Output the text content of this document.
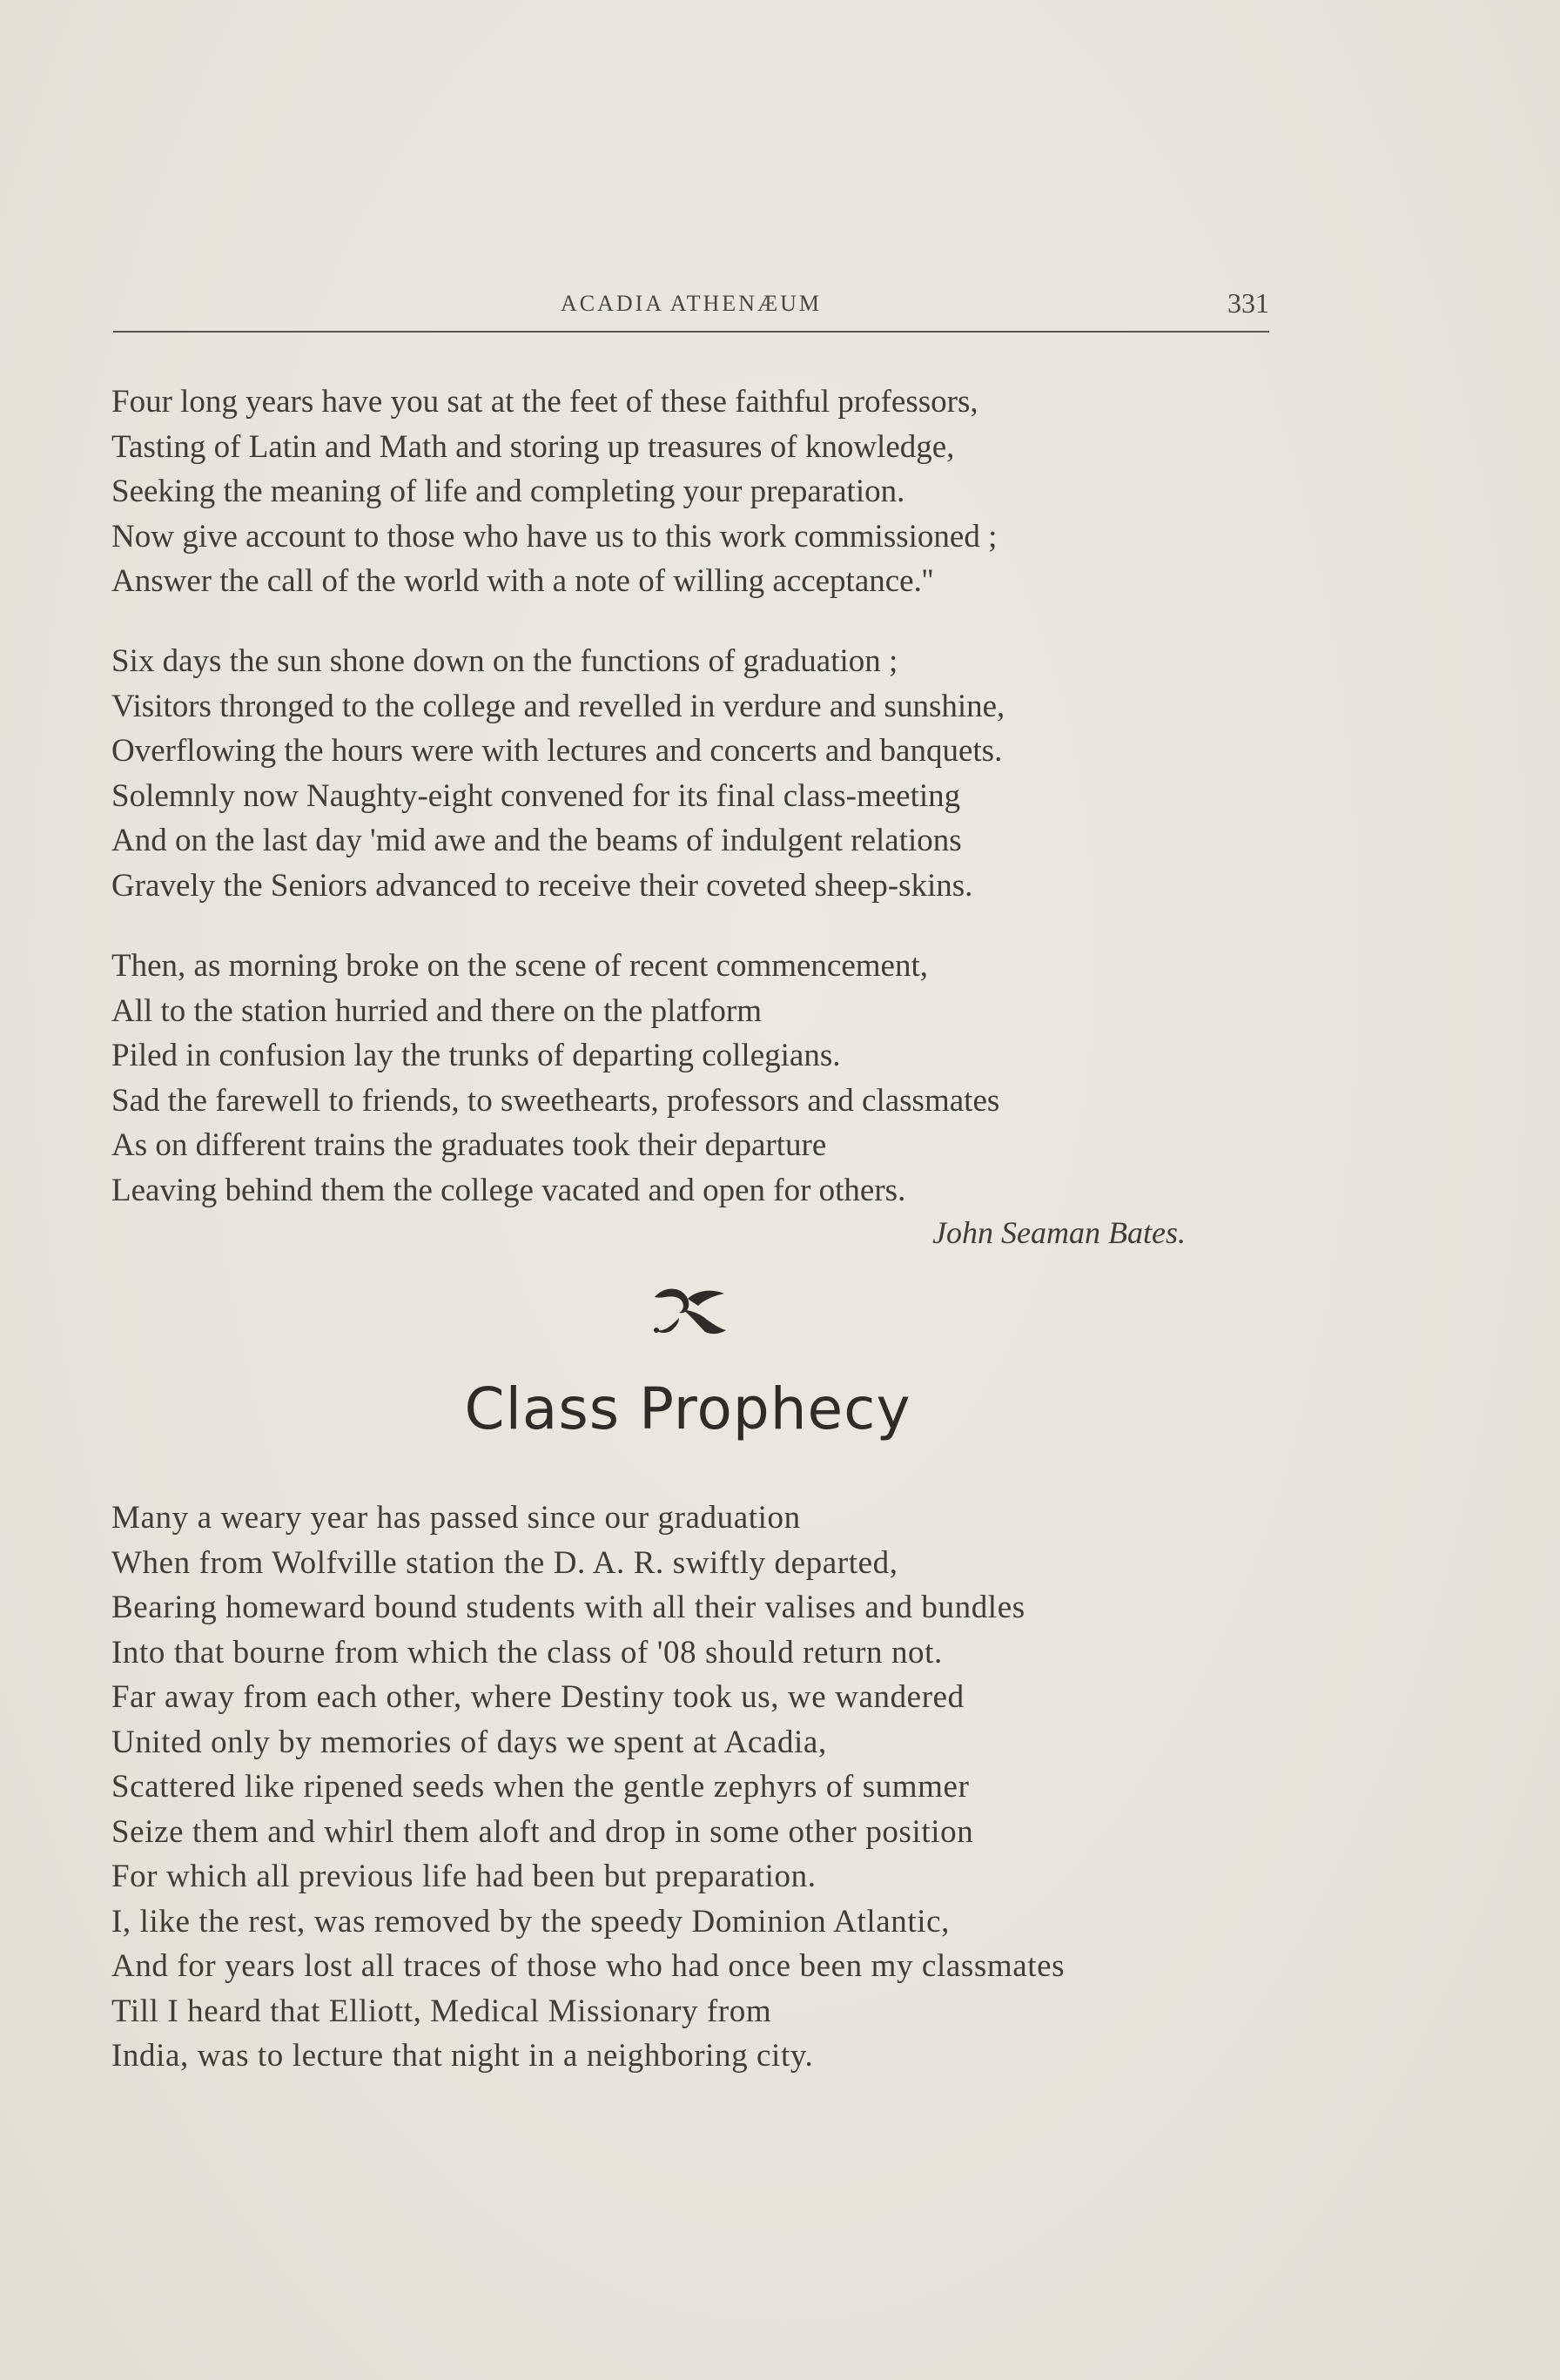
ACADIA ATHENÆUM	331
Four long years have you sat at the feet of these faithful professors,
Tasting of Latin and Math and storing up treasures of knowledge,
Seeking the meaning of life and completing your preparation.
Now give account to those who have us to this work commissioned ;
Answer the call of the world with a note of willing acceptance.''
Six days the sun shone down on the functions of graduation ;
Visitors thronged to the college and revelled in verdure and sunshine,
Overflowing the hours were with lectures and concerts and banquets.
Solemnly now Naughty-eight convened for its final class-meeting
And on the last day 'mid awe and the beams of indulgent relations
Gravely the Seniors advanced to receive their coveted sheep-skins.
Then, as morning broke on the scene of recent commencement,
All to the station hurried and there on the platform
Piled in confusion lay the trunks of departing collegians.
Sad the farewell to friends, to sweethearts, professors and classmates
As on different trains the graduates took their departure
Leaving behind them the college vacated and open for others.
John Seaman Bates.
Class Prophecy
Many a weary year has passed since our graduation
When from Wolfville station the D. A. R. swiftly departed,
Bearing homeward bound students with all their valises and bundles
Into that bourne from which the class of '08 should return not.
Far away from each other, where Destiny took us, we wandered
United only by memories of days we spent at Acadia,
Scattered like ripened seeds when the gentle zephyrs of summer
Seize them and whirl them aloft and drop in some other position
For which all previous life had been but preparation.
I, like the rest, was removed by the speedy Dominion Atlantic,
And for years lost all traces of those who had once been my classmates
Till I heard that Elliott, Medical Missionary from
India, was to lecture that night in a neighboring city.
